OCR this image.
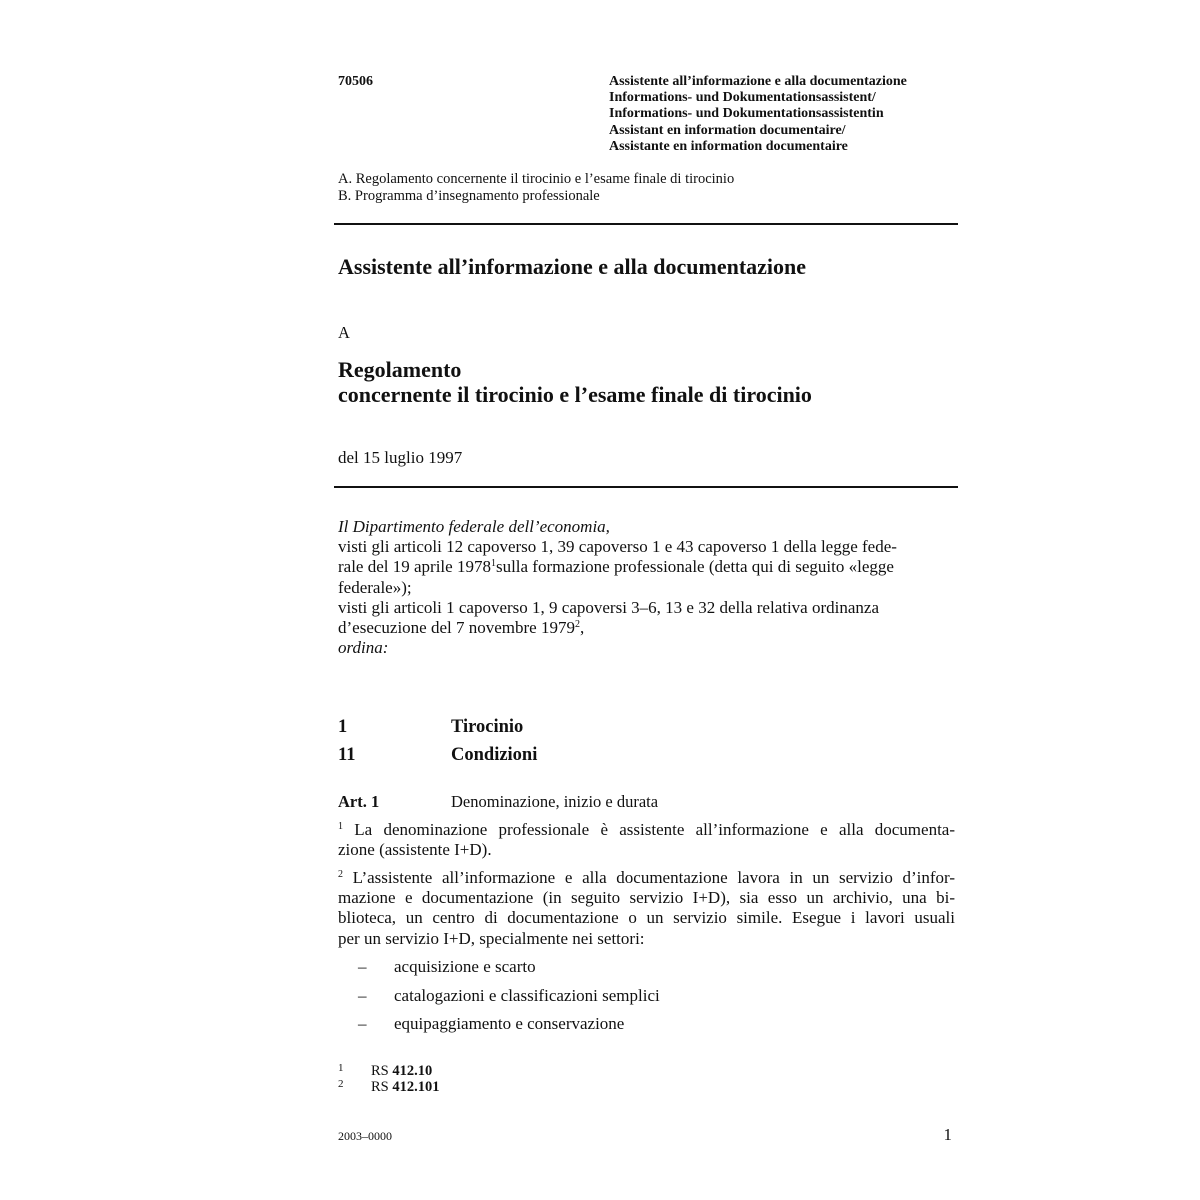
70506	Assistente all’informazione e alla documentazione
Informations- und Dokumentationsassistent/
Informations- und Dokumentationsassistentin
Assistant en information documentaire/
Assistante en information documentaire
A. Regolamento concernente il tirocinio e l’esame finale di tirocinio
B. Programma d’insegnamento professionale
Assistente all’informazione e alla documentazione
A
Regolamento
concernente il tirocinio e l’esame finale di tirocinio
del 15 luglio 1997
Il Dipartimento federale dell’economia,
visti gli articoli 12 capoverso 1, 39 capoverso 1 e 43 capoverso 1 della legge fede-
rale del 19 aprile 1978$^1$sulla formazione professionale (detta qui di seguito «legge
federale»);
visti gli articoli 1 capoverso 1, 9 capoversi 3–6, 13 e 32 della relativa ordinanza
d’esecuzione del 7 novembre 1979$^2$,
ordina:
1	Tirocinio
11	Condizioni
Art. 1	Denominazione, inizio e durata
$^1$ La denominazione professionale è assistente all’informazione e alla documenta-
zione (assistente I+D).
$^2$ L’assistente all’informazione e alla documentazione lavora in un servizio d’infor-
mazione e documentazione (in seguito servizio I+D), sia esso un archivio, una bi-
blioteca, un centro di documentazione o un servizio simile. Esegue i lavori usuali
per un servizio I+D, specialmente nei settori:
– acquisizione e scarto
– catalogazioni e classificazioni semplici
– equipaggiamento e conservazione
1 RS 412.10
2 RS 412.101
2003–0000	1
